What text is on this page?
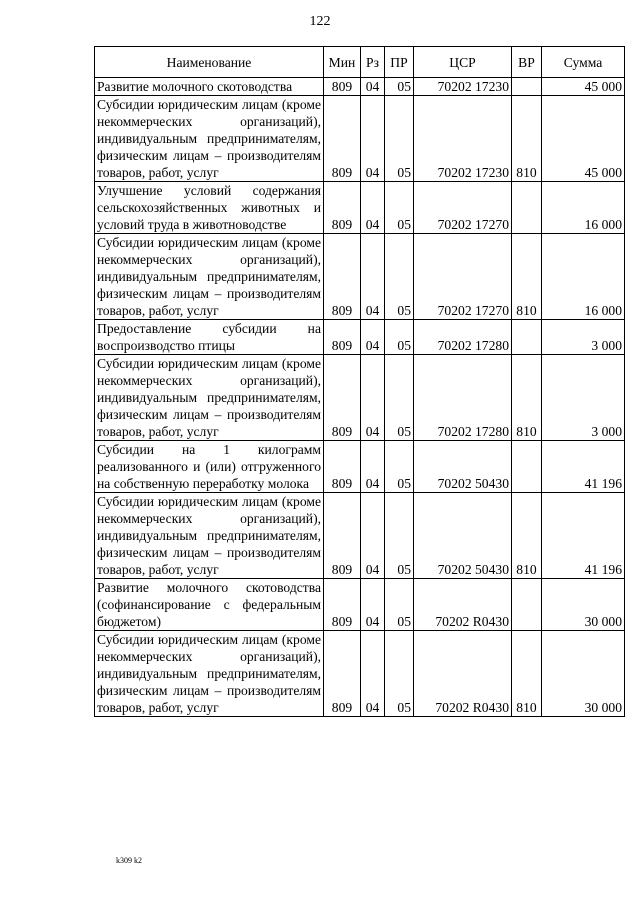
122
Наименование	Мин	Рз	ПР	ЦСР	ВР	Сумма
Развитие молочного скотоводства	809	04	05	70202 17230		45 000
Субсидии юридическим лицам (кроме некоммерческих организаций), индивидуальным предпринимателям, физическим лицам – производителям товаров, работ, услуг	809	04	05	70202 17230	810	45 000
Улучшение условий содержания сельскохозяйственных животных и условий труда в животноводстве	809	04	05	70202 17270		16 000
Субсидии юридическим лицам (кроме некоммерческих организаций), индивидуальным предпринимателям, физическим лицам – производителям товаров, работ, услуг	809	04	05	70202 17270	810	16 000
Предоставление субсидии на воспроизводство птицы	809	04	05	70202 17280		3 000
Субсидии юридическим лицам (кроме некоммерческих организаций), индивидуальным предпринимателям, физическим лицам – производителям товаров, работ, услуг	809	04	05	70202 17280	810	3 000
Субсидии на 1 килограмм реализованного и (или) отгруженного на собственную переработку молока	809	04	05	70202 50430		41 196
Субсидии юридическим лицам (кроме некоммерческих организаций), индивидуальным предпринимателям, физическим лицам – производителям товаров, работ, услуг	809	04	05	70202 50430	810	41 196
Развитие молочного скотоводства (софинансирование с федеральным бюджетом)	809	04	05	70202 R0430		30 000
Субсидии юридическим лицам (кроме некоммерческих организаций), индивидуальным предпринимателям, физическим лицам – производителям товаров, работ, услуг	809	04	05	70202 R0430	810	30 000
k309 k2
